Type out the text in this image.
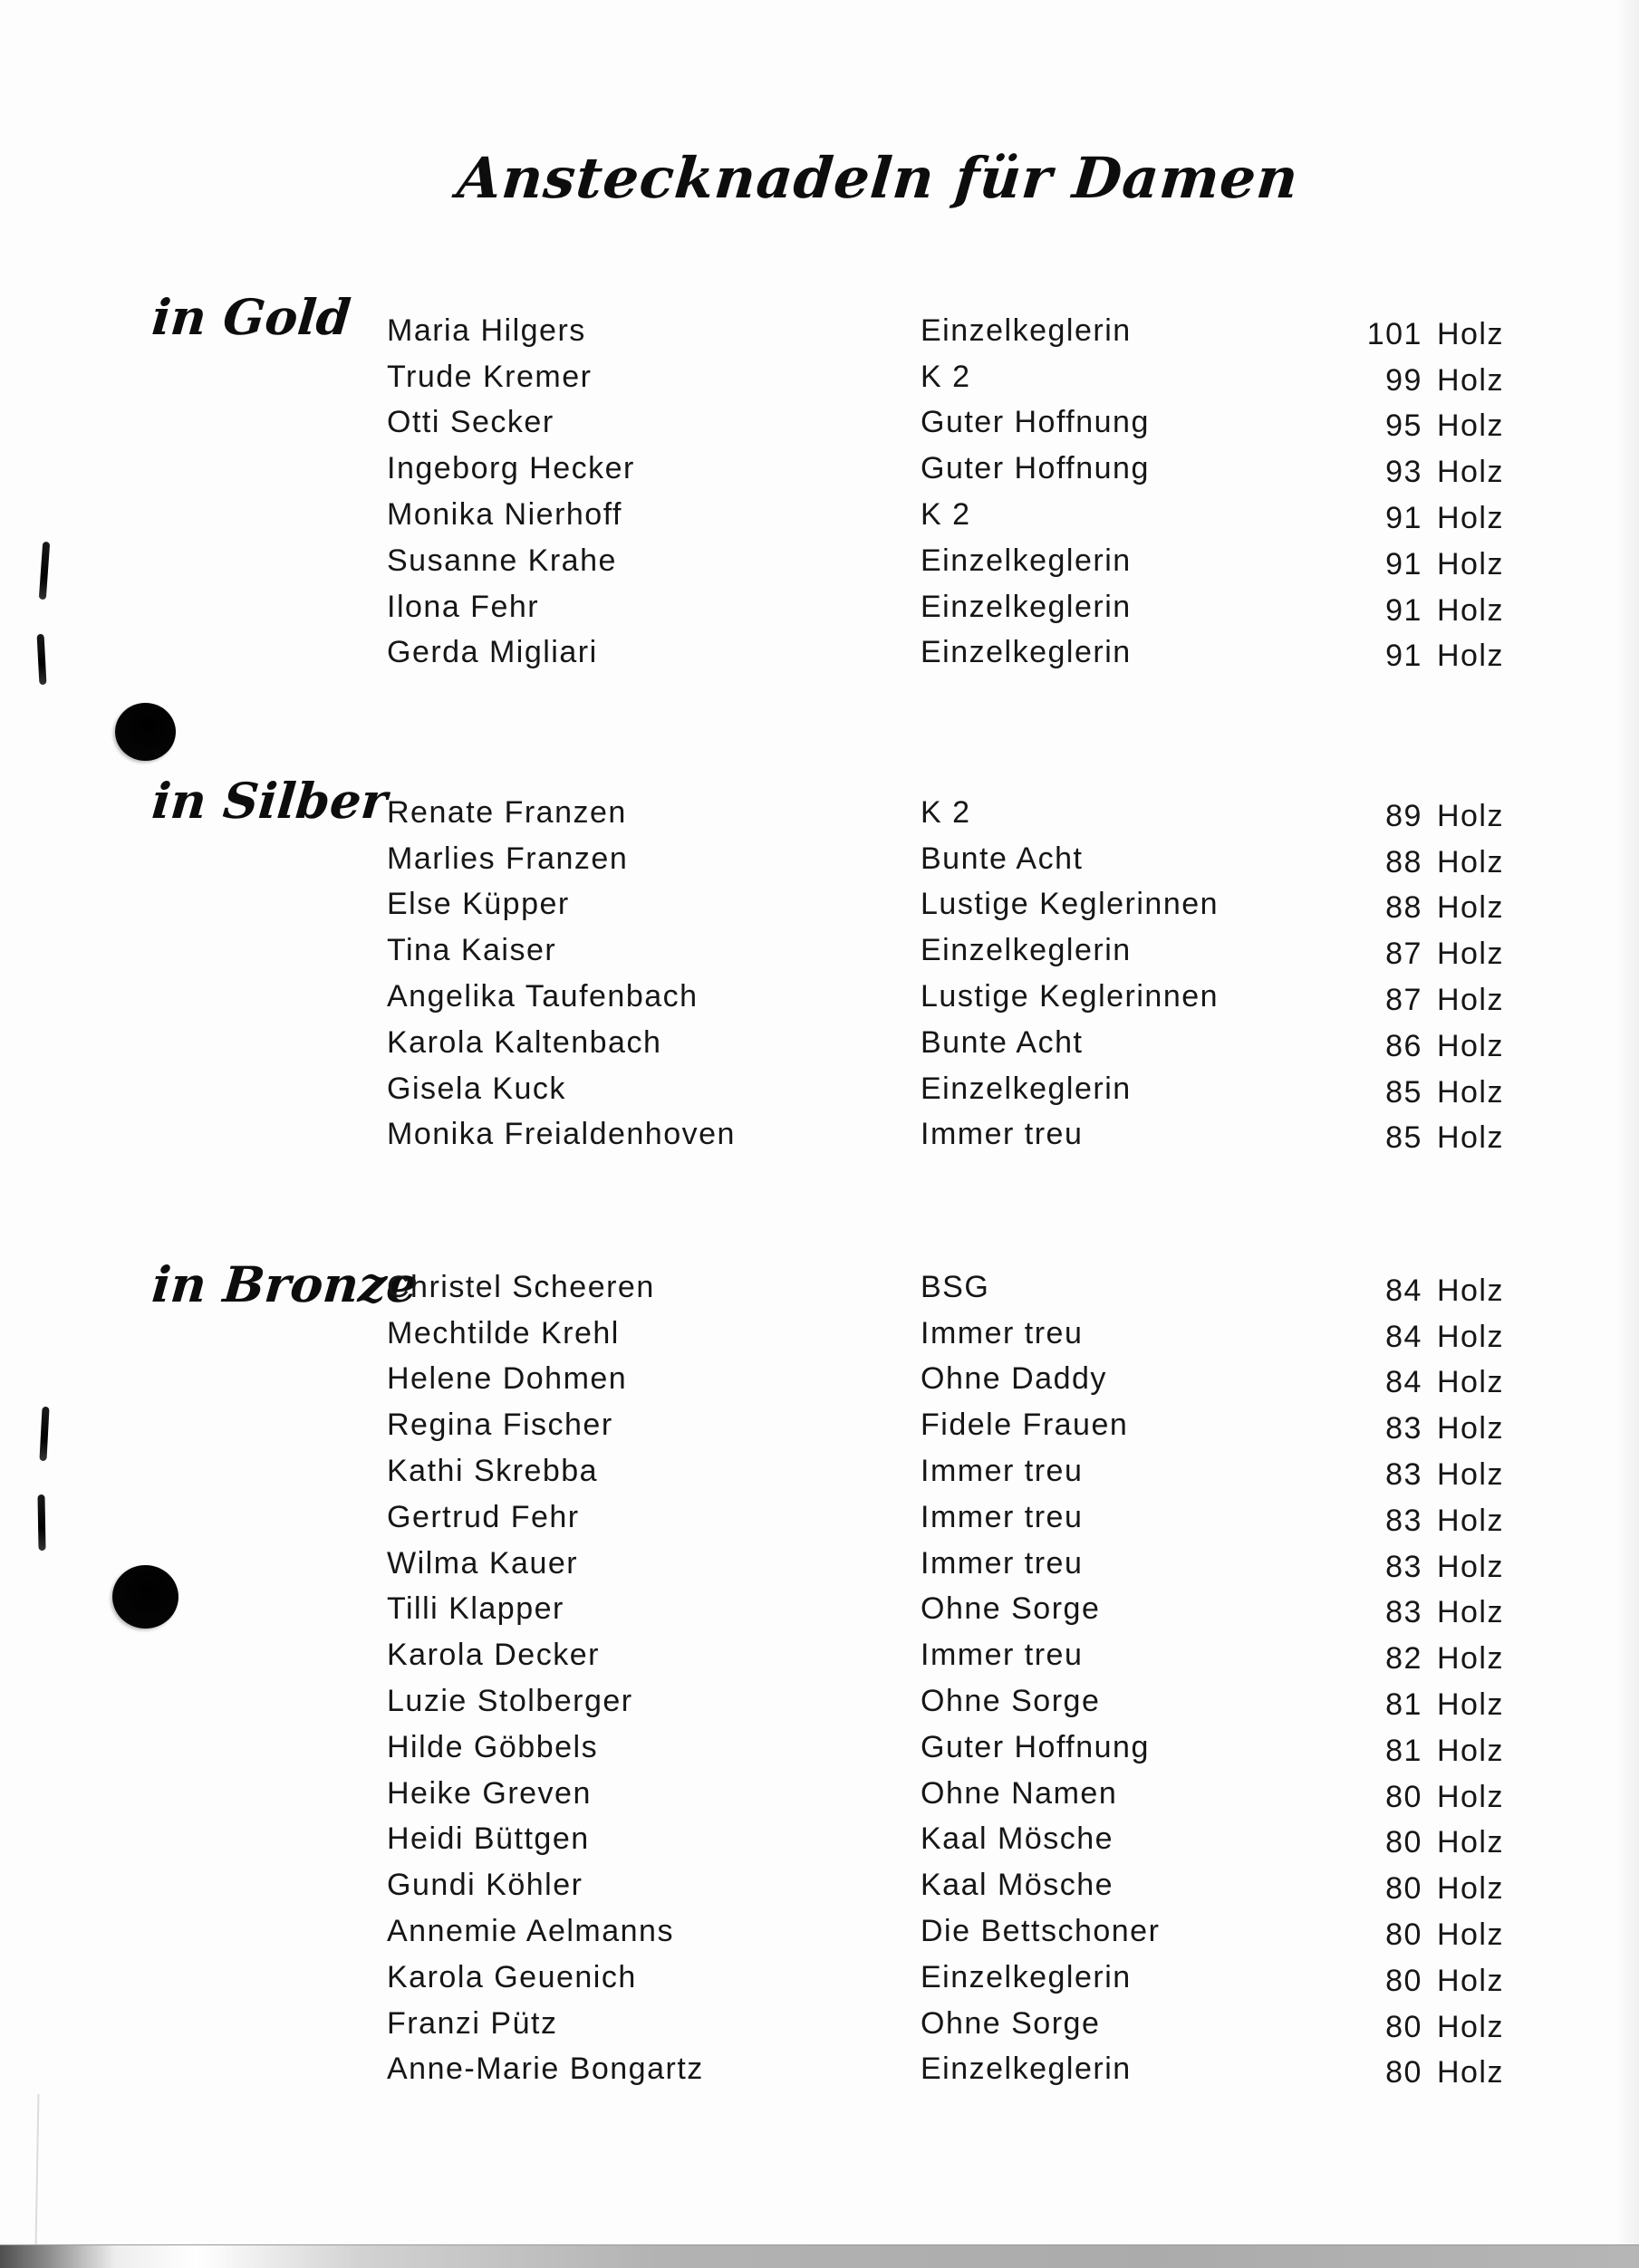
Anstecknadeln für Damen
in Gold Maria Hilgers	Einzelkeglerin	101 Holz
Trude Kremer	K 2	99 Holz
Otti Secker	Guter Hoffnung	95 Holz
Ingeborg Hecker	Guter Hoffnung	93 Holz
Monika Nierhoff	K 2	91 Holz
Susanne Krahe	Einzelkeglerin	91 Holz
Ilona Fehr	Einzelkeglerin	91 Holz
Gerda Migliari	Einzelkeglerin	91 Holz
in Silber
Renate Franzen	K 2	89 Holz
Marlies Franzen	Bunte Acht	88 Holz
Else Küpper	Lustige Keglerinnen	88 Holz
Tina Kaiser	Einzelkeglerin	87 Holz
Angelika Taufenbach	Lustige Keglerinnen	87 Holz
Karola Kaltenbach	Bunte Acht	86 Holz
Gisela Kuck	Einzelkeglerin	85 Holz
Monika Freialdenhoven	Immer treu	85 Holz
in Bronze
Christel Scheeren	BSG	84 Holz
Mechtilde Krehl	Immer treu	84 Holz
Helene Dohmen	Ohne Daddy	84 Holz
Regina Fischer	Fidele Frauen	83 Holz
Kathi Skrebba	Immer treu	83 Holz
Gertrud Fehr	Immer treu	83 Holz
Wilma Kauer	Immer treu	83 Holz
Tilli Klapper	Ohne Sorge	83 Holz
Karola Decker	Immer treu	82 Holz
Luzie Stolberger	Ohne Sorge	81 Holz
Hilde Göbbels	Guter Hoffnung	81 Holz
Heike Greven	Ohne Namen	80 Holz
Heidi Büttgen	Kaal Mösche	80 Holz
Gundi Köhler	Kaal Mösche	80 Holz
Annemie Aelmanns	Die Bettschoner	80 Holz
Karola Geuenich	Einzelkeglerin	80 Holz
Franzi Pütz	Ohne Sorge	80 Holz
Anne-Marie Bongartz	Einzelkeglerin	80 Holz
